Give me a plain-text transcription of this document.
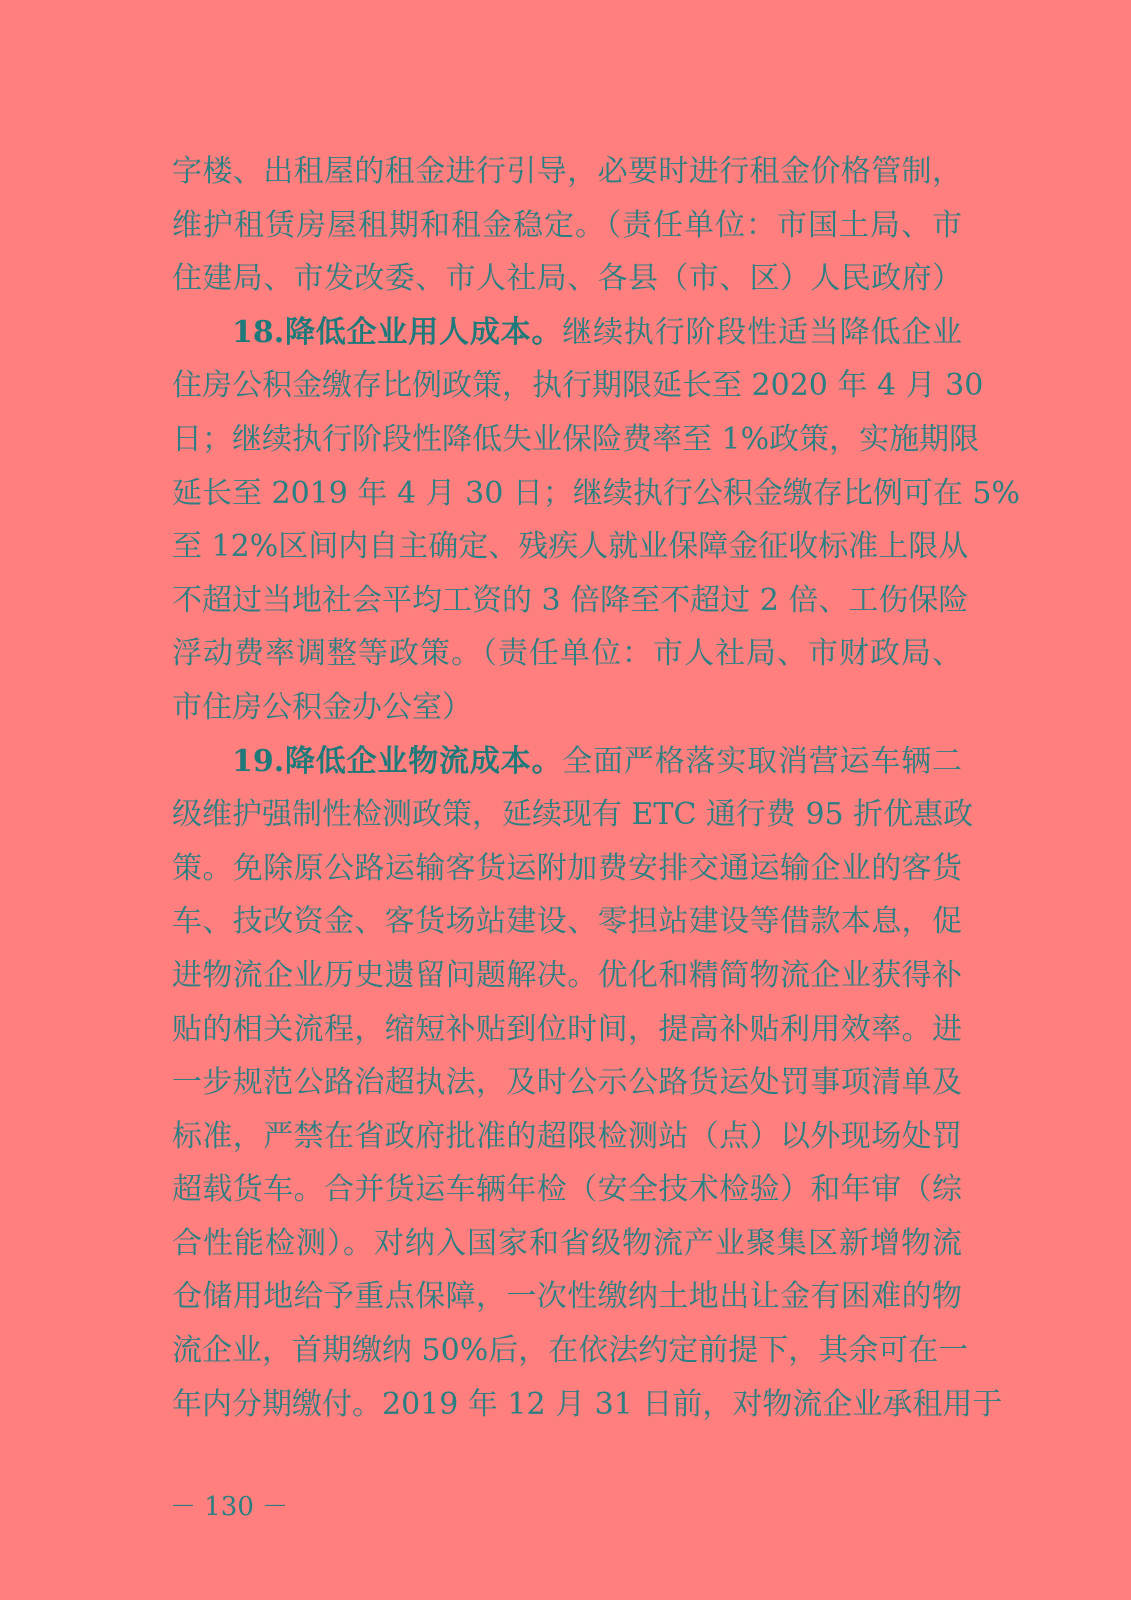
字楼、出租屋的租金进行引导，必要时进行租金价格管制，
维护租赁房屋租期和租金稳定。（责任单位：市国土局、市
住建局、市发改委、市人社局、各县（市、区）人民政府）
18.降低企业用人成本。继续执行阶段性适当降低企业
住房公积金缴存比例政策，执行期限延长至 2020 年 4 月 30
日；继续执行阶段性降低失业保险费率至 1%政策，实施期限
延长至 2019 年 4 月 30 日；继续执行公积金缴存比例可在 5%
至 12%区间内自主确定、残疾人就业保障金征收标准上限从
不超过当地社会平均工资的 3 倍降至不超过 2 倍、工伤保险
浮动费率调整等政策。（责任单位：市人社局、市财政局、
市住房公积金办公室）
19.降低企业物流成本。全面严格落实取消营运车辆二
级维护强制性检测政策，延续现有 ETC 通行费 95 折优惠政
策。免除原公路运输客货运附加费安排交通运输企业的客货
车、技改资金、客货场站建设、零担站建设等借款本息，促
进物流企业历史遗留问题解决。优化和精简物流企业获得补
贴的相关流程，缩短补贴到位时间，提高补贴利用效率。进
一步规范公路治超执法，及时公示公路货运处罚事项清单及
标准，严禁在省政府批准的超限检测站（点）以外现场处罚
超载货车。合并货运车辆年检（安全技术检验）和年审（综
合性能检测）。对纳入国家和省级物流产业聚集区新增物流
仓储用地给予重点保障，一次性缴纳土地出让金有困难的物
流企业，首期缴纳 50%后，在依法约定前提下，其余可在一
年内分期缴付。2019 年 12 月 31 日前，对物流企业承租用于
－ 130 －
